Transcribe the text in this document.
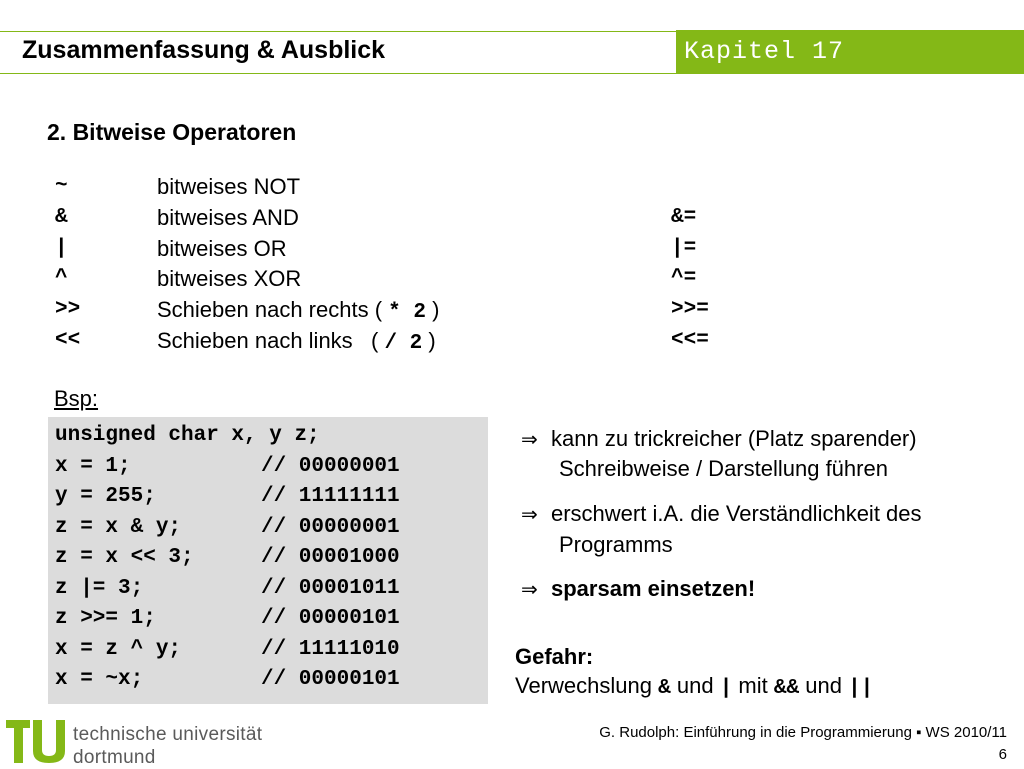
Zusammenfassung & Ausblick	Kapitel 17
2. Bitweise Operatoren
~	bitweises NOT
&	bitweises AND	&=
|	bitweises OR	|=
^	bitweises XOR	^=
>>	Schieben nach rechts ( * 2 )	>>=
<<	Schieben nach links   ( / 2 )	<<=
Bsp:
unsigned char x, y z;
x = 1;	// 00000001
y = 255;	// 11111111
z = x & y;	// 00000001
z = x << 3;	// 00001000
z |= 3;	// 00001011
z >>= 1;	// 00000101
x = z ^ y;	// 11111010
x = ~x;	// 00000101
⇒ kann zu trickreicher (Platz sparender)
Schreibweise / Darstellung führen
⇒ erschwert i.A. die Verständlichkeit des
Programms
⇒ sparsam einsetzen!
Gefahr:
Verwechslung & und | mit && und ||
technische universität
dortmund
G. Rudolph: Einführung in die Programmierung ▪ WS 2010/11
6
